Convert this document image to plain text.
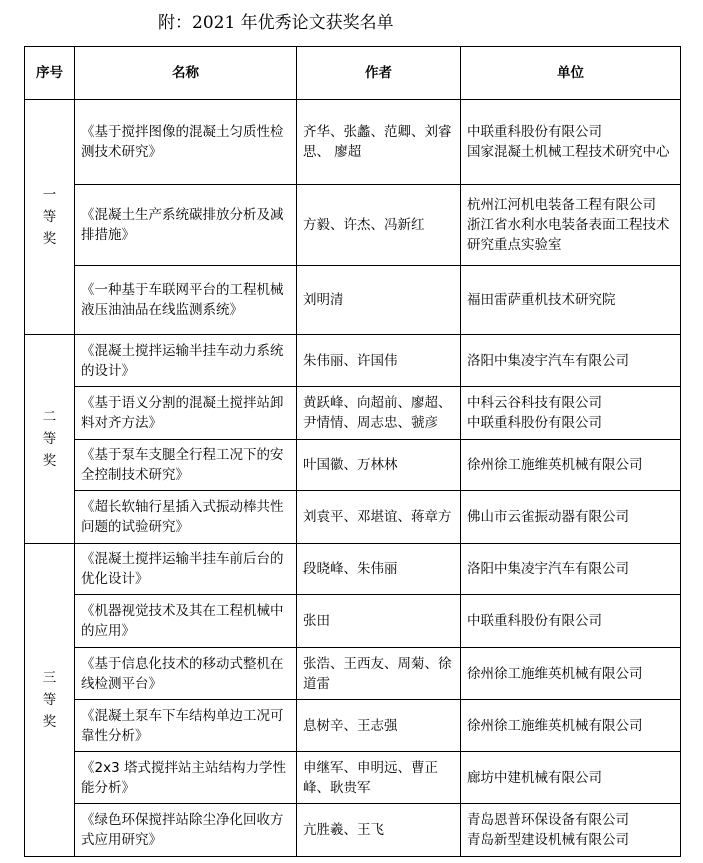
附：2021 年优秀论文获奖名单
序号	名称	作者	单位
一等奖	《基于搅拌图像的混凝土匀质性检测技术研究》	齐华、张蠡、范卿、刘睿思、 廖超	中联重科股份有限公司
国家混凝土机械工程技术研究中心

	《混凝土生产系统碳排放分析及减排措施》	方毅、许杰、冯新红	杭州江河机电装备工程有限公司
浙江省水利水电装备表面工程技术研究重点实验室

	《一种基于车联网平台的工程机械液压油油品在线监测系统》	刘明清	福田雷萨重机技术研究院

二等奖	《混凝土搅拌运输半挂车动力系统的设计》	朱伟丽、许国伟	洛阳中集凌宇汽车有限公司

	《基于语义分割的混凝土搅拌站卸料对齐方法》	黄跃峰、向超前、廖超、尹情情、周志忠、虢彦	中科云谷科技有限公司
中联重科股份有限公司

	《基于泵车支腿全行程工况下的安全控制技术研究》	叶国徽、万林林	徐州徐工施维英机械有限公司

	《超长软轴行星插入式振动棒共性问题的试验研究》	刘袁平、邓堪谊、蒋章方	佛山市云雀振动器有限公司

三等奖	《混凝土搅拌运输半挂车前后台的优化设计》	段晓峰、朱伟丽	洛阳中集凌宇汽车有限公司

	《机器视觉技术及其在工程机械中的应用》	张田	中联重科股份有限公司

	《基于信息化技术的移动式整机在线检测平台》	张浩、王西友、周菊、徐道雷	徐州徐工施维英机械有限公司

	《混凝土泵车下车结构单边工况可靠性分析》	息树辛、王志强	徐州徐工施维英机械有限公司

	《2x3 塔式搅拌站主站结构力学性能分析》	申继军、申明远、曹正峰、耿贵军	廊坊中建机械有限公司

	《绿色环保搅拌站除尘净化回收方式应用研究》	亢胜羲、王飞	青岛恩普环保设备有限公司
青岛新型建设机械有限公司
